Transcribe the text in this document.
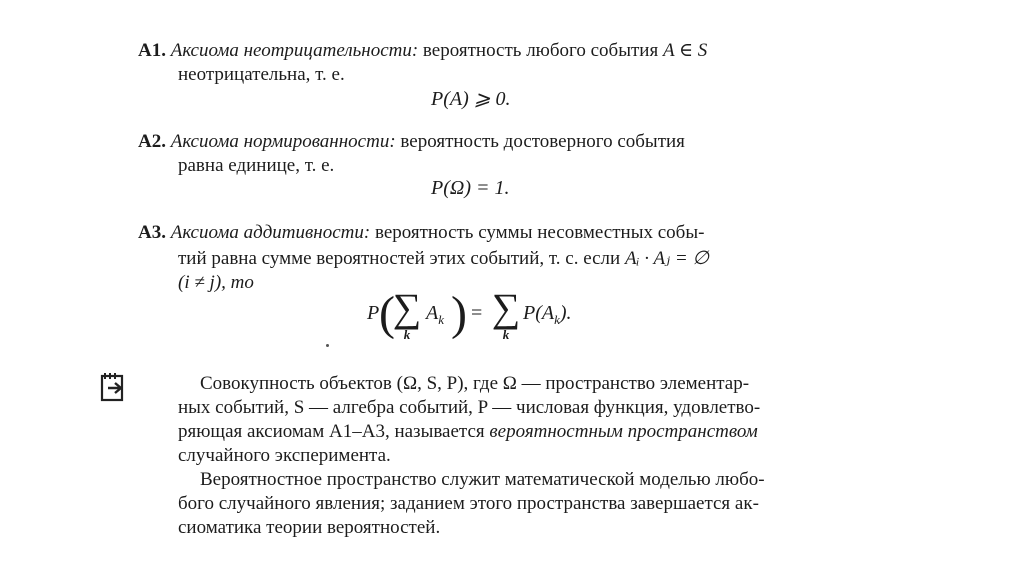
А1. Аксиома неотрицательности: вероятность любого события A ∈ S
неотрицательна, т. е.
P(A) ⩾ 0.
А2. Аксиома нормированности: вероятность достоверного события
равна единице, т. е.
P(Ω) = 1.
А3. Аксиома аддитивности: вероятность суммы несовместных собы-
тий равна сумме вероятностей этих событий, т. с. если Aᵢ · Aⱼ = ∅
(i ≠ j), то
P (
∑
k
$A_k$ ) = ∑
k
$P(A_k)$.
Совокупность объектов (Ω, S, P), где Ω — пространство элементар-
ных событий, S — алгебра событий, P — числовая функция, удовлетво-
ряющая аксиомам А1–А3, называется вероятностным пространством
случайного эксперимента.
Вероятностное пространство служит математической моделью любо-
бого случайного явления; заданием этого пространства завершается ак-
сиоматика теории вероятностей.
